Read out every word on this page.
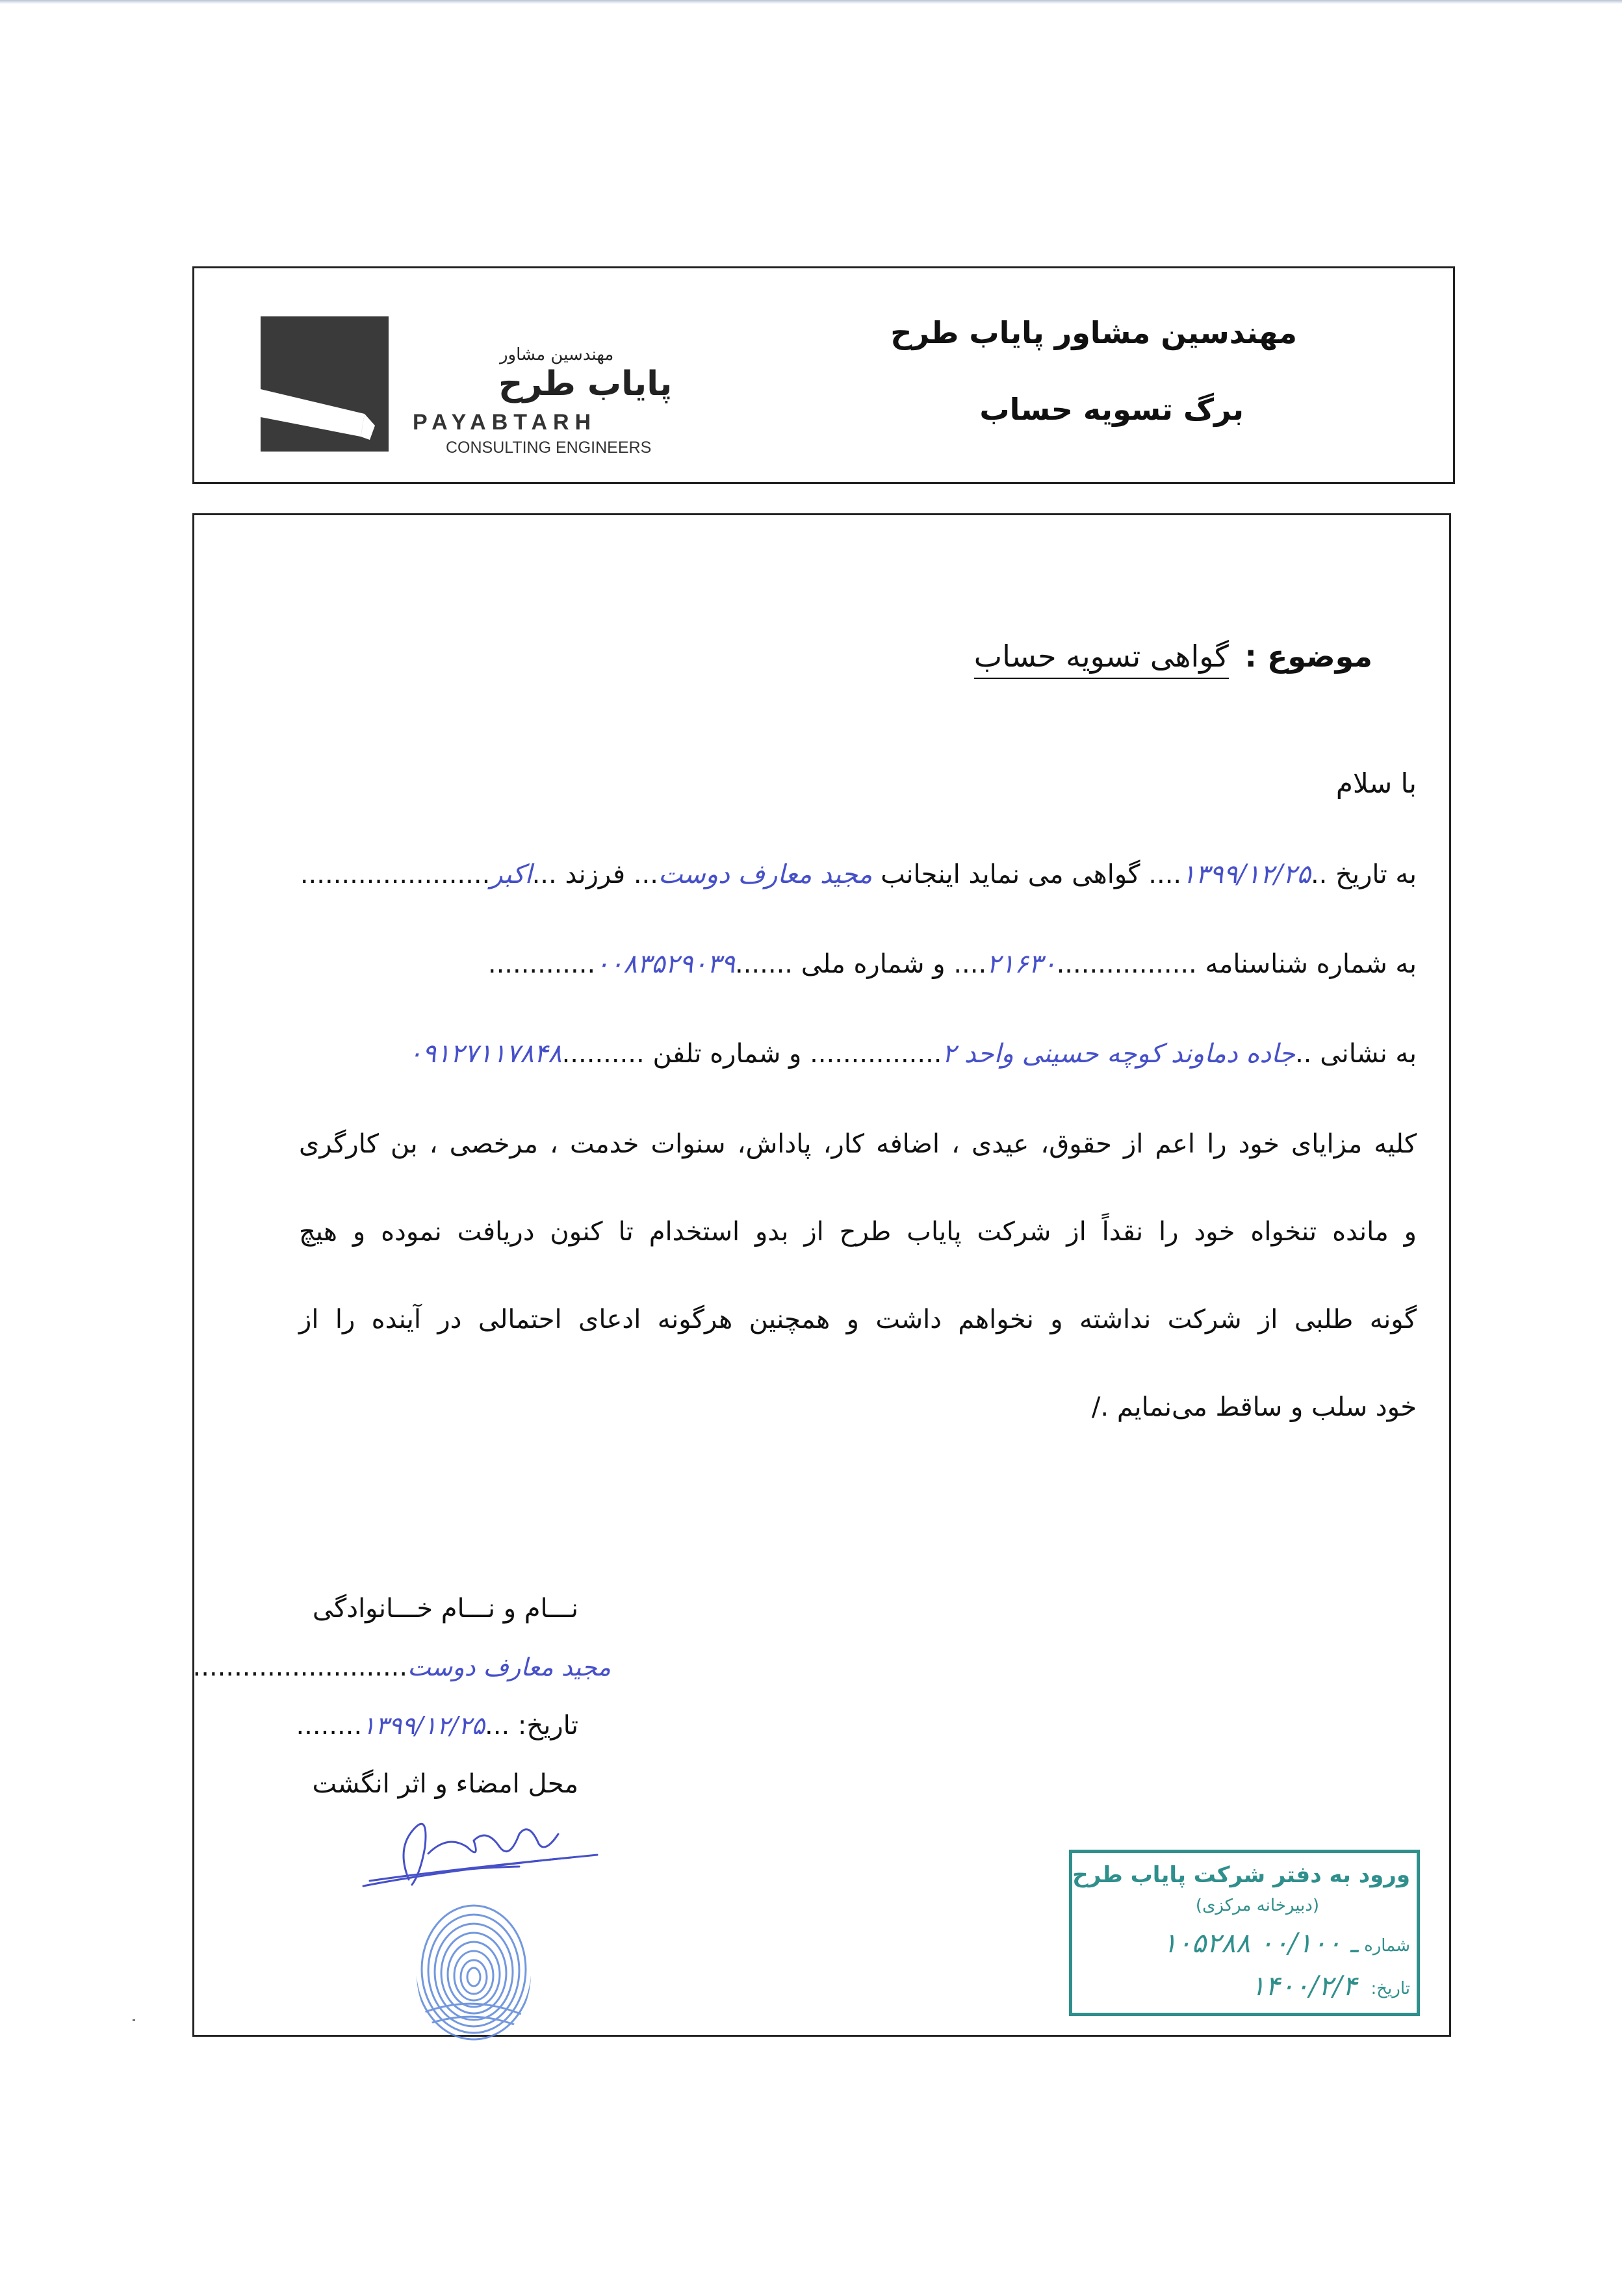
مهندسین مشاور
پایاب طرح
PAYABTARH
CONSULTING ENGINEERS
مهندسین مشاور پایاب طرح
برگ تسویه حساب
موضوع : گواهی تسویه حساب
با سلام
به تاریخ ..۱۳۹۹/۱۲/۲۵.... گواهی می نماید اینجانب مجید معارف دوست... فرزند ...اکبر.......................
به شماره شناسنامه .................۲۱۶۳۰.... و شماره ملی .......۰۰۸۳۵۲۹۰۳۹.............
به نشانی ..جاده دماوند کوچه حسینی واحد ۲................ و شماره تلفن ..........۰۹۱۲۷۱۱۷۸۴۸
کلیه مزایای خود را اعم از حقوق، عیدی ، اضافه کار، پاداش، سنوات خدمت ، مرخصی ، بن کارگری
و مانده تنخواه خود را نقداً از شرکت پایاب طرح از بدو استخدام تا کنون دریافت نموده و هیچ
گونه طلبی از شرکت نداشته و نخواهم داشت و همچنین هرگونه ادعای احتمالی در آینده را از
خود سلب و ساقط می‌نمایم ./
نـــام و نـــام خـــانوادگی
مجید معارف دوست..........................
تاریخ: ...۱۳۹۹/۱۲/۲۵........
محل امضاء و اثر انگشت
ورود به دفتر شرکت پایاب طرح
(دبیرخانه مرکزی)
شماره
۱۰۵۲۸۸ ـ ۰۰/۱۰۰
تاریخ:
۱۴۰۰/۲/۴
